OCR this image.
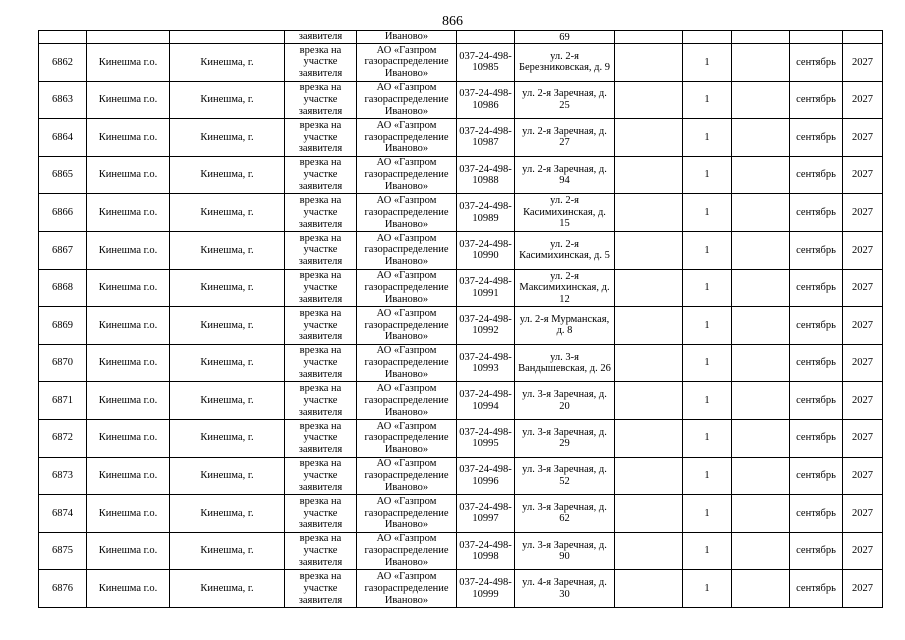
866
			заявителя	Иваново»		69					
6862	Кинешма г.о.	Кинешма, г.	врезка на участке заявителя	АО «Газпром газораспределение Иваново»	037-24-498-10985	ул. 2-я Березниковская, д. 9		1		сентябрь	2027
6863	Кинешма г.о.	Кинешма, г.	врезка на участке заявителя	АО «Газпром газораспределение Иваново»	037-24-498-10986	ул. 2-я Заречная, д. 25		1		сентябрь	2027
6864	Кинешма г.о.	Кинешма, г.	врезка на участке заявителя	АО «Газпром газораспределение Иваново»	037-24-498-10987	ул. 2-я Заречная, д. 27		1		сентябрь	2027
6865	Кинешма г.о.	Кинешма, г.	врезка на участке заявителя	АО «Газпром газораспределение Иваново»	037-24-498-10988	ул. 2-я Заречная, д. 94		1		сентябрь	2027
6866	Кинешма г.о.	Кинешма, г.	врезка на участке заявителя	АО «Газпром газораспределение Иваново»	037-24-498-10989	ул. 2-я Касимихинская, д. 15		1		сентябрь	2027
6867	Кинешма г.о.	Кинешма, г.	врезка на участке заявителя	АО «Газпром газораспределение Иваново»	037-24-498-10990	ул. 2-я Касимихинская, д. 5		1		сентябрь	2027
6868	Кинешма г.о.	Кинешма, г.	врезка на участке заявителя	АО «Газпром газораспределение Иваново»	037-24-498-10991	ул. 2-я Максимихинская, д. 12		1		сентябрь	2027
6869	Кинешма г.о.	Кинешма, г.	врезка на участке заявителя	АО «Газпром газораспределение Иваново»	037-24-498-10992	ул. 2-я Мурманская, д. 8		1		сентябрь	2027
6870	Кинешма г.о.	Кинешма, г.	врезка на участке заявителя	АО «Газпром газораспределение Иваново»	037-24-498-10993	ул. 3-я Вандышевская, д. 26		1		сентябрь	2027
6871	Кинешма г.о.	Кинешма, г.	врезка на участке заявителя	АО «Газпром газораспределение Иваново»	037-24-498-10994	ул. 3-я Заречная, д. 20		1		сентябрь	2027
6872	Кинешма г.о.	Кинешма, г.	врезка на участке заявителя	АО «Газпром газораспределение Иваново»	037-24-498-10995	ул. 3-я Заречная, д. 29		1		сентябрь	2027
6873	Кинешма г.о.	Кинешма, г.	врезка на участке заявителя	АО «Газпром газораспределение Иваново»	037-24-498-10996	ул. 3-я Заречная, д. 52		1		сентябрь	2027
6874	Кинешма г.о.	Кинешма, г.	врезка на участке заявителя	АО «Газпром газораспределение Иваново»	037-24-498-10997	ул. 3-я Заречная, д. 62		1		сентябрь	2027
6875	Кинешма г.о.	Кинешма, г.	врезка на участке заявителя	АО «Газпром газораспределение Иваново»	037-24-498-10998	ул. 3-я Заречная, д. 90		1		сентябрь	2027
6876	Кинешма г.о.	Кинешма, г.	врезка на участке заявителя	АО «Газпром газораспределение Иваново»	037-24-498-10999	ул. 4-я Заречная, д. 30		1		сентябрь	2027
